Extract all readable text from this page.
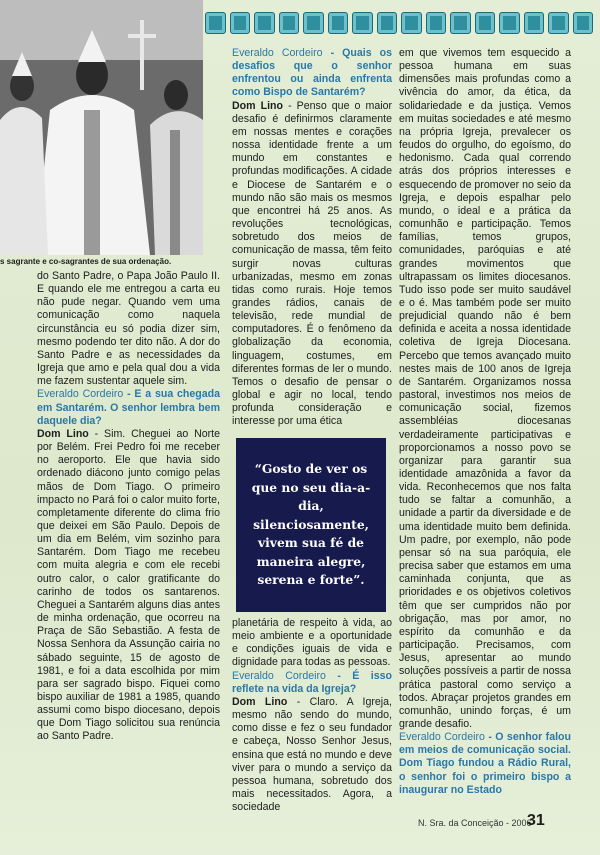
s sagrante e co-sagrantes de sua ordenação.

do Santo Padre, o Papa João Paulo II. E quando ele me entregou a carta eu não pude negar. Quando vem uma comunicação como naquela circunstância eu só podia dizer sim, mesmo podendo ter dito não. A dor do Santo Padre e as necessidades da Igreja que amo e pela qual dou a vida me fazem sustentar aquele sim.

Everaldo Cordeiro - E a sua chegada em Santarém. O senhor lembra bem daquele dia?

Dom Lino - Sim. Cheguei ao Norte por Belém. Frei Pedro foi me receber no aeroporto. Ele que havia sido ordenado diácono junto comigo pelas mãos de Dom Tiago. O primeiro impacto no Pará foi o calor muito forte, completamente diferente do clima frio que deixei em São Paulo. Depois de um dia em Belém, vim sozinho para Santarém. Dom Tiago me recebeu com muita alegria e com ele recebi outro calor, o calor gratificante do carinho de todos os santarenos. Cheguei a Santarém alguns dias antes de minha ordenação, que ocorreu na Praça de São Sebastião. A festa de Nossa Senhora da Assunção cairia no sábado seguinte, 15 de agosto de 1981, e foi a data escolhida por mim para ser sagrado bispo. Fiquei como bispo auxiliar de 1981 a 1985, quando assumi como bispo diocesano, depois que Dom Tiago solicitou sua renúncia ao Santo Padre.

Everaldo Cordeiro - Quais os desafios que o senhor enfrentou ou ainda enfrenta como Bispo de Santarém?

Dom Lino - Penso que o maior desafio é definirmos claramente em nossas mentes e corações nossa identidade frente a um mundo em constantes e profundas modificações. A cidade e Diocese de Santarém e o mundo não são mais os mesmos que encontrei há 25 anos. As revoluções tecnológicas, sobretudo dos meios de comunicação de massa, têm feito surgir novas culturas urbanizadas, mesmo em zonas tidas como rurais. Hoje temos grandes rádios, canais de televisão, rede mundial de computadores. É o fenômeno da globalização da economia, linguagem, costumes, em diferentes formas de ler o mundo. Temos o desafio de pensar o global e agir no local, tendo profunda consideração e interesse por uma ética

“Gosto de ver os que no seu dia-a-dia, silenciosamente, vivem sua fé de maneira alegre, serena e forte”.

planetária de respeito à vida, ao meio ambiente e a oportunidade e condições iguais de vida e dignidade para todas as pessoas.

Everaldo Cordeiro - É isso reflete na vida da Igreja?

Dom Lino - Claro. A Igreja, mesmo não sendo do mundo, como disse e fez o seu fundador e cabeça, Nosso Senhor Jesus, ensina que está no mundo e deve viver para o mundo a serviço da pessoa humana, sobretudo dos mais necessitados. Agora, a sociedade

em que vivemos tem esquecido a pessoa humana em suas dimensões mais profundas como a vivência do amor, da ética, da solidariedade e da justiça. Vemos em muitas sociedades e até mesmo na própria Igreja, prevalecer os feudos do orgulho, do egoísmo, do hedonismo. Cada qual correndo atrás dos próprios interesses e esquecendo de promover no seio da Igreja, e depois espalhar pelo mundo, o ideal e a prática da comunhão e participação. Temos famílias, temos grupos, comunidades, paróquias e até grandes movimentos que ultrapassam os limites diocesanos. Tudo isso pode ser muito saudável e o é. Mas também pode ser muito prejudicial quando não é bem definida e aceita a nossa identidade coletiva de Igreja Diocesana. Percebo que temos avançado muito nestes mais de 100 anos de Igreja de Santarém. Organizamos nossa pastoral, investimos nos meios de comunicação social, fizemos assembléias diocesanas verdadeiramente participativas e proporcionamos a nosso povo se organizar para garantir sua identidade amazônida a favor da vida. Reconhecemos que nos falta tudo se faltar a comunhão, a unidade a partir da diversidade e de uma identidade muito bem definida. Um padre, por exemplo, não pode pensar só na sua paróquia, ele precisa saber que estamos em uma caminhada conjunta, que as prioridades e os objetivos coletivos têm que ser cumpridos não por obrigação, mas por amor, no espírito da comunhão e da participação. Precisamos, com Jesus, apresentar ao mundo soluções possíveis a partir de nossa prática pastoral como serviço a todos. Abraçar projetos grandes em comunhão, unindo forças, é um grande desafio.

Everaldo Cordeiro - O senhor falou em meios de comunicação social. Dom Tiago fundou a Rádio Rural, o senhor foi o primeiro bispo a inaugurar no Estado

N. Sra. da Conceição - 2006
31
